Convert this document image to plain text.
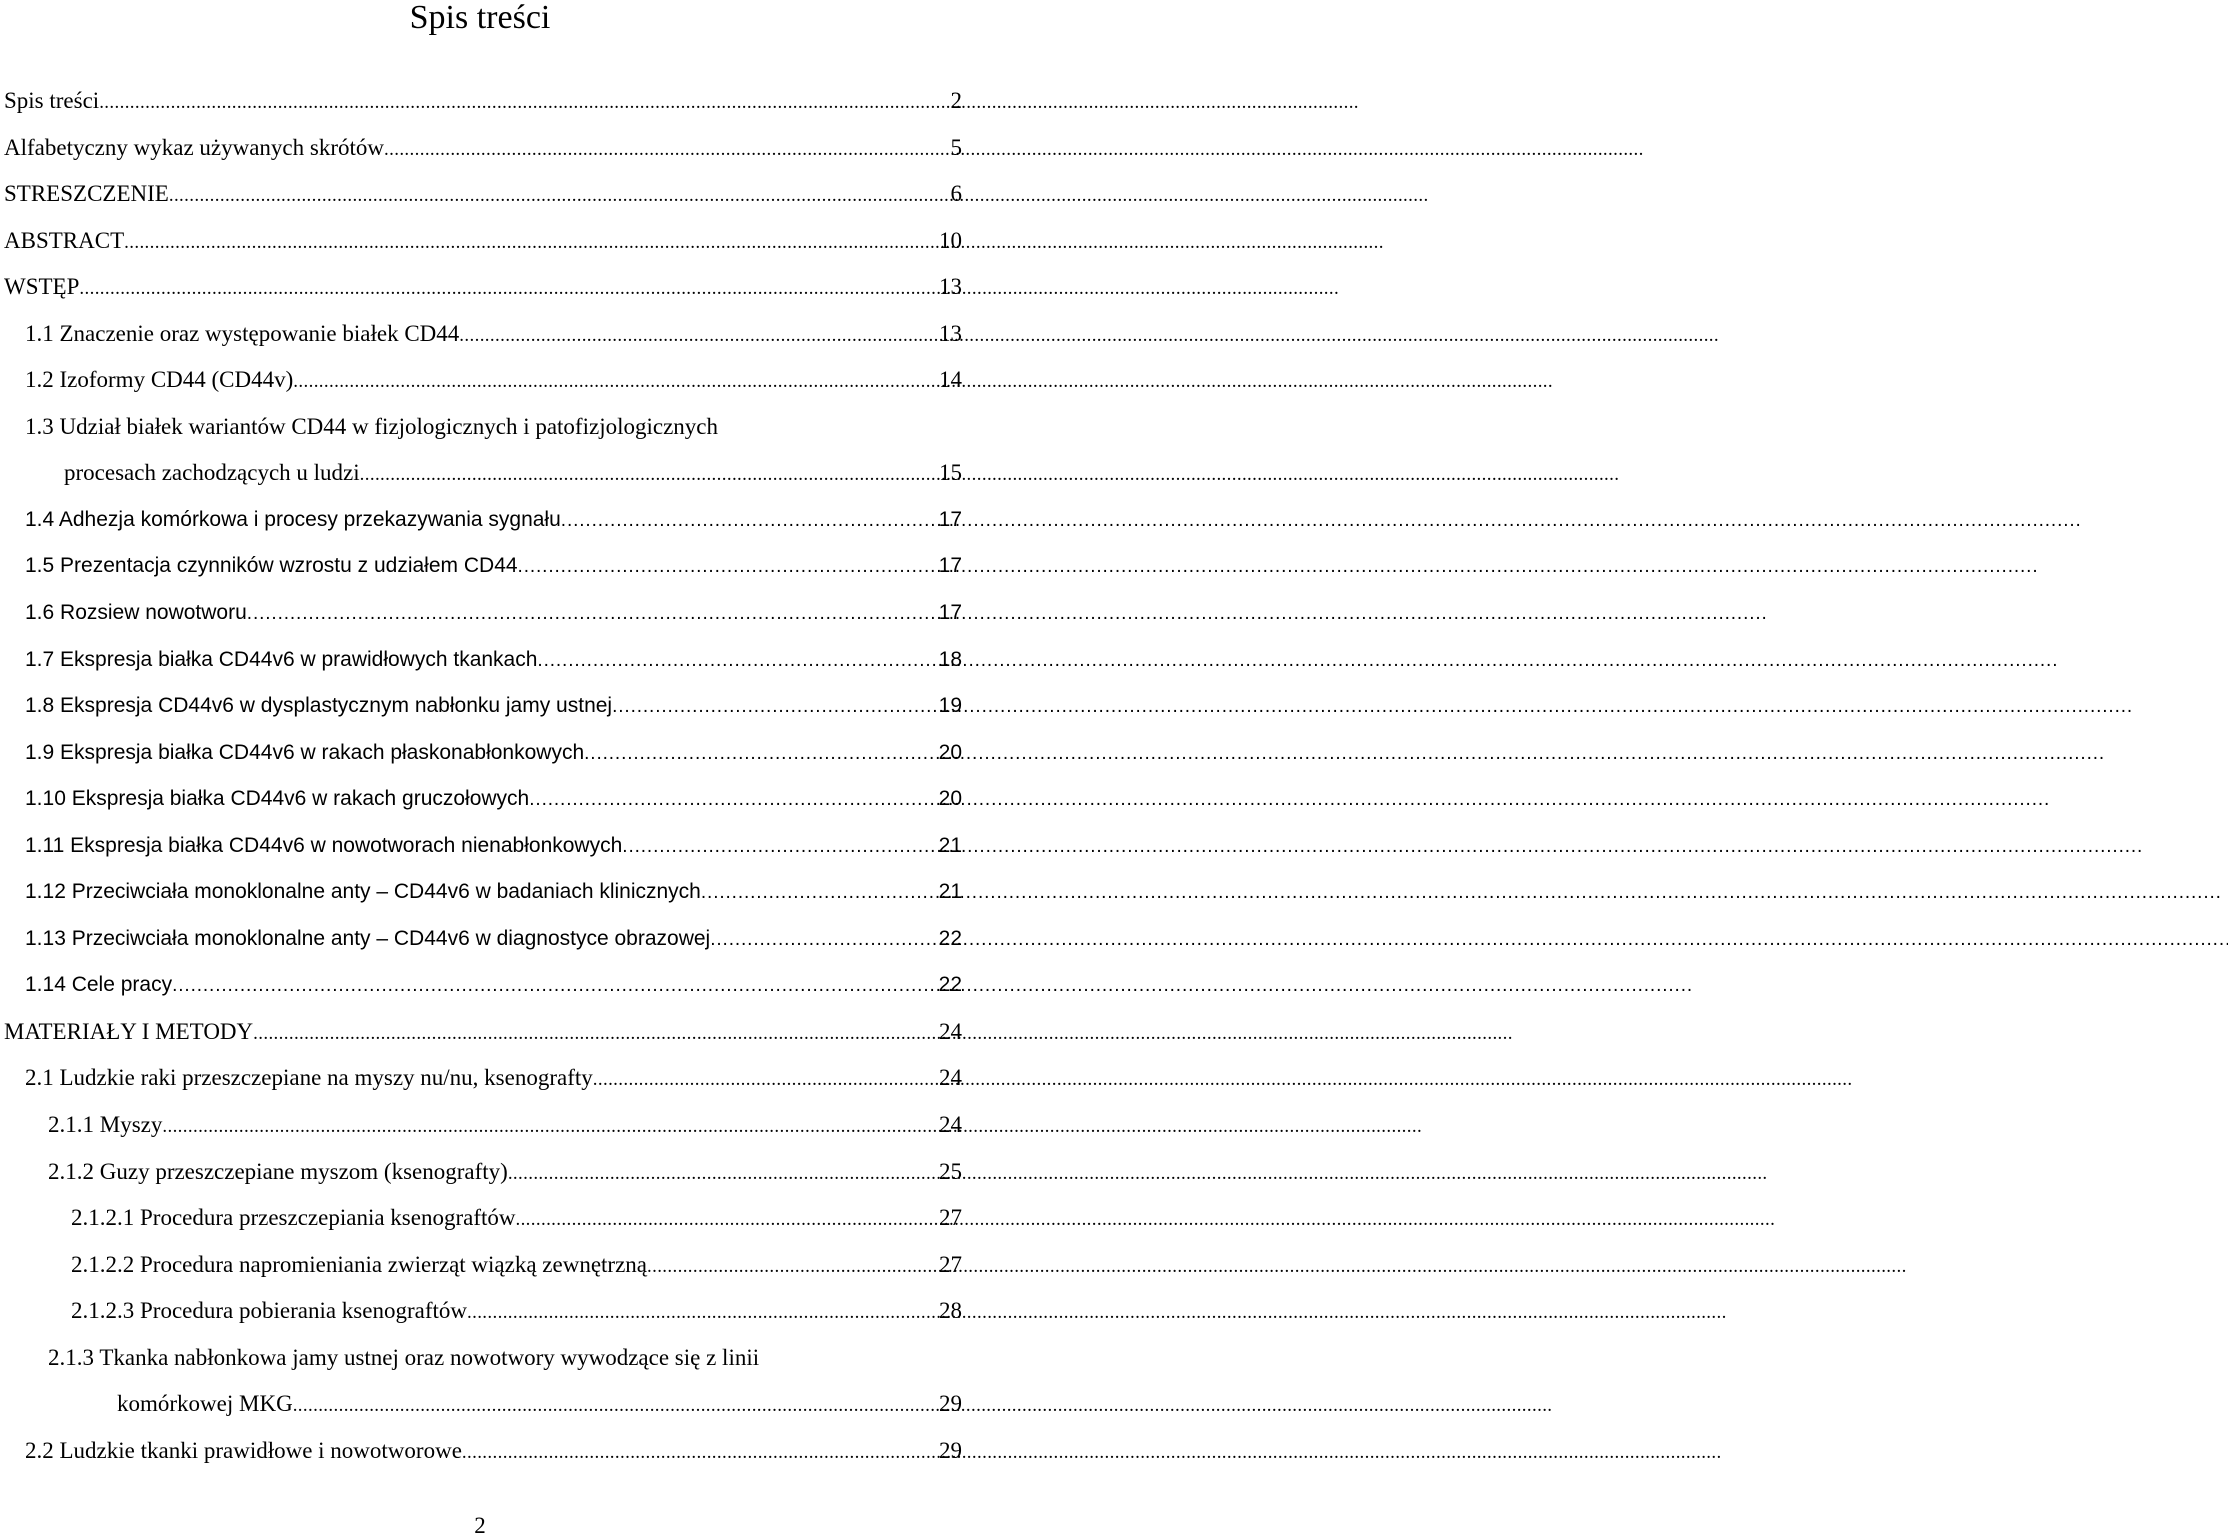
Spis treści
Spis treści . . .	2
Alfabetyczny wykaz używanych skrótów . . .	5
STRESZCZENIE . . .	6
ABSTRACT . . .	10
WSTĘP . . .	13
1.1 Znaczenie oraz występowanie białek CD44 . . .	13
1.2 Izoformy CD44 (CD44v) . . .	14
1.3 Udział białek wariantów CD44 w fizjologicznych i patofizjologicznych
procesach zachodzących u ludzi . . .	15
1.4 Adhezja komórkowa i procesy przekazywania sygnału . . .	17
1.5 Prezentacja czynników wzrostu z udziałem CD44 . . .	17
1.6 Rozsiew nowotworu . . .	17
1.7 Ekspresja białka CD44v6 w prawidłowych tkankach . . .	18
1.8 Ekspresja CD44v6 w dysplastycznym nabłonku jamy ustnej . . .	19
1.9 Ekspresja białka CD44v6 w rakach płaskonabłonkowych . . .	20
1.10 Ekspresja białka CD44v6 w rakach gruczołowych . . .	20
1.11 Ekspresja białka CD44v6 w nowotworach nienabłonkowych . . .	21
1.12 Przeciwciała monoklonalne anty – CD44v6 w badaniach klinicznych . . .	21
1.13 Przeciwciała monoklonalne anty – CD44v6 w diagnostyce obrazowej . . .	22
1.14 Cele pracy . . .	22
MATERIAŁY I METODY . . .	24
2.1 Ludzkie raki przeszczepiane na myszy nu/nu, ksenografty . . .	24
2.1.1 Myszy . . .	24
2.1.2 Guzy przeszczepiane myszom (ksenografty) . . .	25
2.1.2.1 Procedura przeszczepiania ksenograftów . . .	27
2.1.2.2 Procedura napromieniania zwierząt wiązką zewnętrzną . . .	27
2.1.2.3 Procedura pobierania ksenograftów . . .	28
2.1.3 Tkanka nabłonkowa jamy ustnej oraz nowotwory wywodzące się z linii
komórkowej MKG . . .	29
2.2 Ludzkie tkanki prawidłowe i nowotworowe . . .	29
2
